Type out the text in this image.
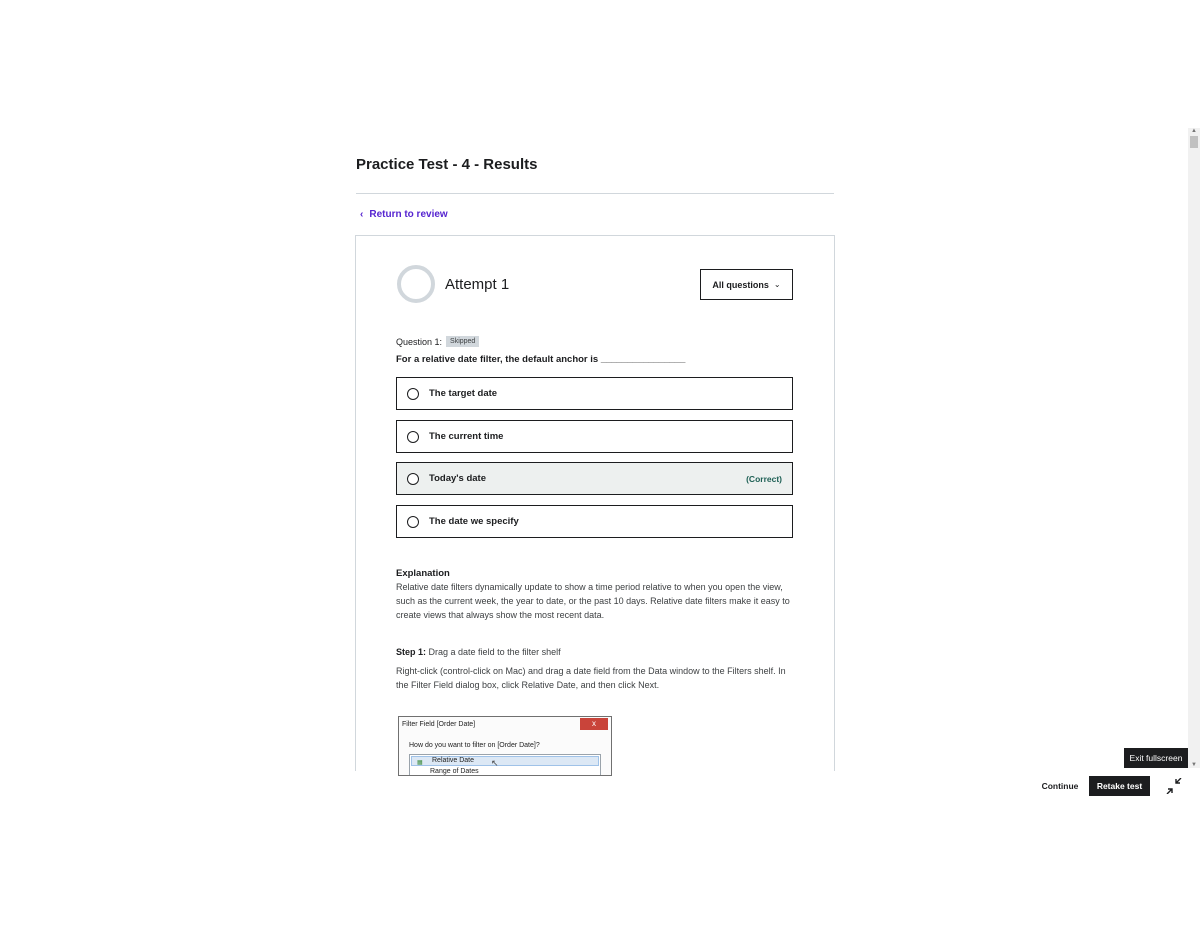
Practice Test - 4 - Results
‹ Return to review
Attempt 1	All questions ⌄
Question 1:	Skipped
For a relative date filter, the default anchor is ________________
The target date
The current time
Today's date	(Correct)
The date we specify
Explanation
Relative date filters dynamically update to show a time period relative to when you open the view, such as the current week, the year to date, or the past 10 days. Relative date filters make it easy to create views that always show the most recent data.
Step 1: Drag a date field to the filter shelf
Right-click (control-click on Mac) and drag a date field from the Data window to the Filters shelf. In the Filter Field dialog box, click Relative Date, and then click Next.
Filter Field [Order Date]	x
How do you want to filter on [Order Date]?
▦ Relative Date
Range of Dates
↖
▲
▼
Exit fullscreen
Continue	Retake test
